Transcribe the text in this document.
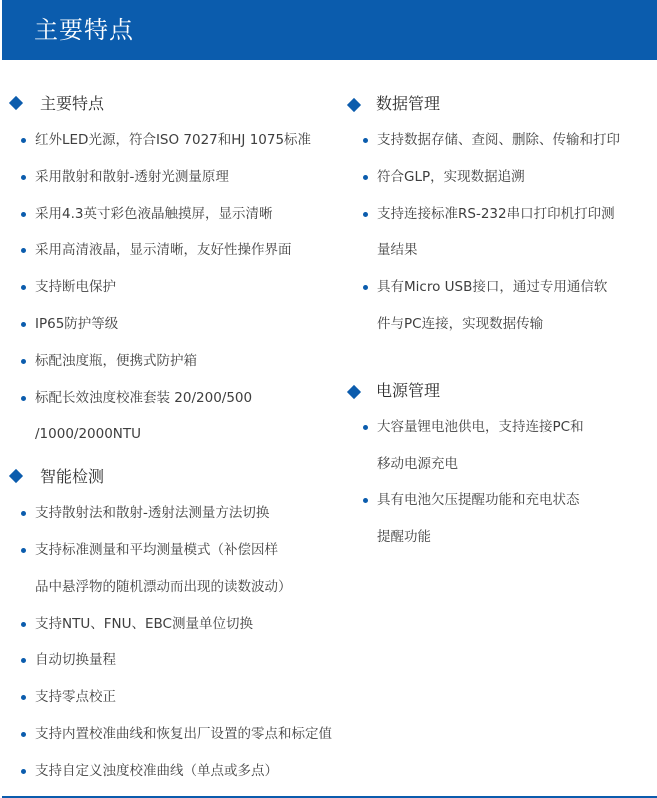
主要特点
主要特点
红外LED光源，符合ISO 7027和HJ 1075标准
采用散射和散射-透射光测量原理
采用4.3英寸彩色液晶触摸屏，显示清晰
采用高清液晶，显示清晰，友好性操作界面
支持断电保护
IP65防护等级
标配浊度瓶，便携式防护箱
标配长效浊度校准套装 20/200/500
/1000/2000NTU
智能检测
支持散射法和散射-透射法测量方法切换
支持标准测量和平均测量模式（补偿因样
品中悬浮物的随机漂动而出现的读数波动）
支持NTU、FNU、EBC测量单位切换
自动切换量程
支持零点校正
支持内置校准曲线和恢复出厂设置的零点和标定值
支持自定义浊度校准曲线（单点或多点）
数据管理
支持数据存储、查阅、删除、传输和打印
符合GLP，实现数据追溯
支持连接标准RS-232串口打印机打印测
量结果
具有Micro USB接口，通过专用通信软
件与PC连接，实现数据传输
电源管理
大容量锂电池供电，支持连接PC和
移动电源充电
具有电池欠压提醒功能和充电状态
提醒功能
